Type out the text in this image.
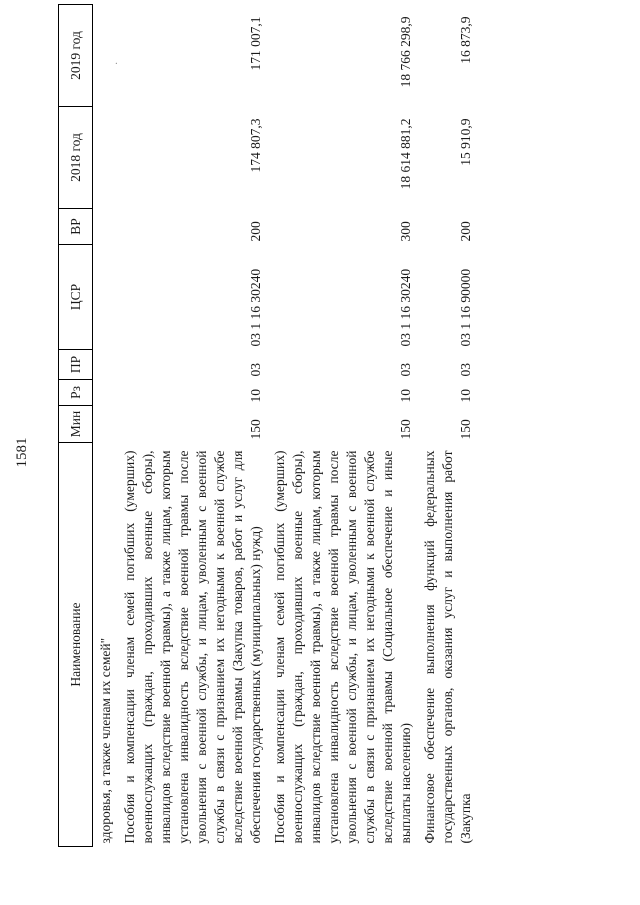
1581
Наименование	Мин	Рз	ПР	ЦСР	ВР	2018 год	2019 год
здоровья, а также членам их семей"							
Пособия и компенсации членам семей погибших (умерших) военнослужащих (граждан, проходивших военные сборы), инвалидов вследствие военной травмы), а также лицам, которым установлена инвалидность вследствие военной травмы после увольнения с военной службы, и лицам, уволенным с военной службы в связи с признанием их негодными к военной службе вследствие военной травмы (Закупка товаров, работ и услуг для обеспечения государственных (муниципальных) нужд)	150	10	03	03 1 16 30240	200	174 807,3	171 007,1
Пособия и компенсации членам семей погибших (умерших) военнослужащих (граждан, проходивших военные сборы), инвалидов вследствие военной травмы), а также лицам, которым установлена инвалидность вследствие военной травмы после увольнения с военной службы, и лицам, уволенным с военной службы в связи с признанием их негодными к военной службе вследствие военной травмы (Социальное обеспечение и иные выплаты населению)	150	10	03	03 1 16 30240	300	18 614 881,2	18 766 298,9
Финансовое обеспечение выполнения функций федеральных государственных органов, оказания услуг и выполнения работ (Закупка	150	10	03	03 1 16 90000	200	15 910,9	16 873,9
·
